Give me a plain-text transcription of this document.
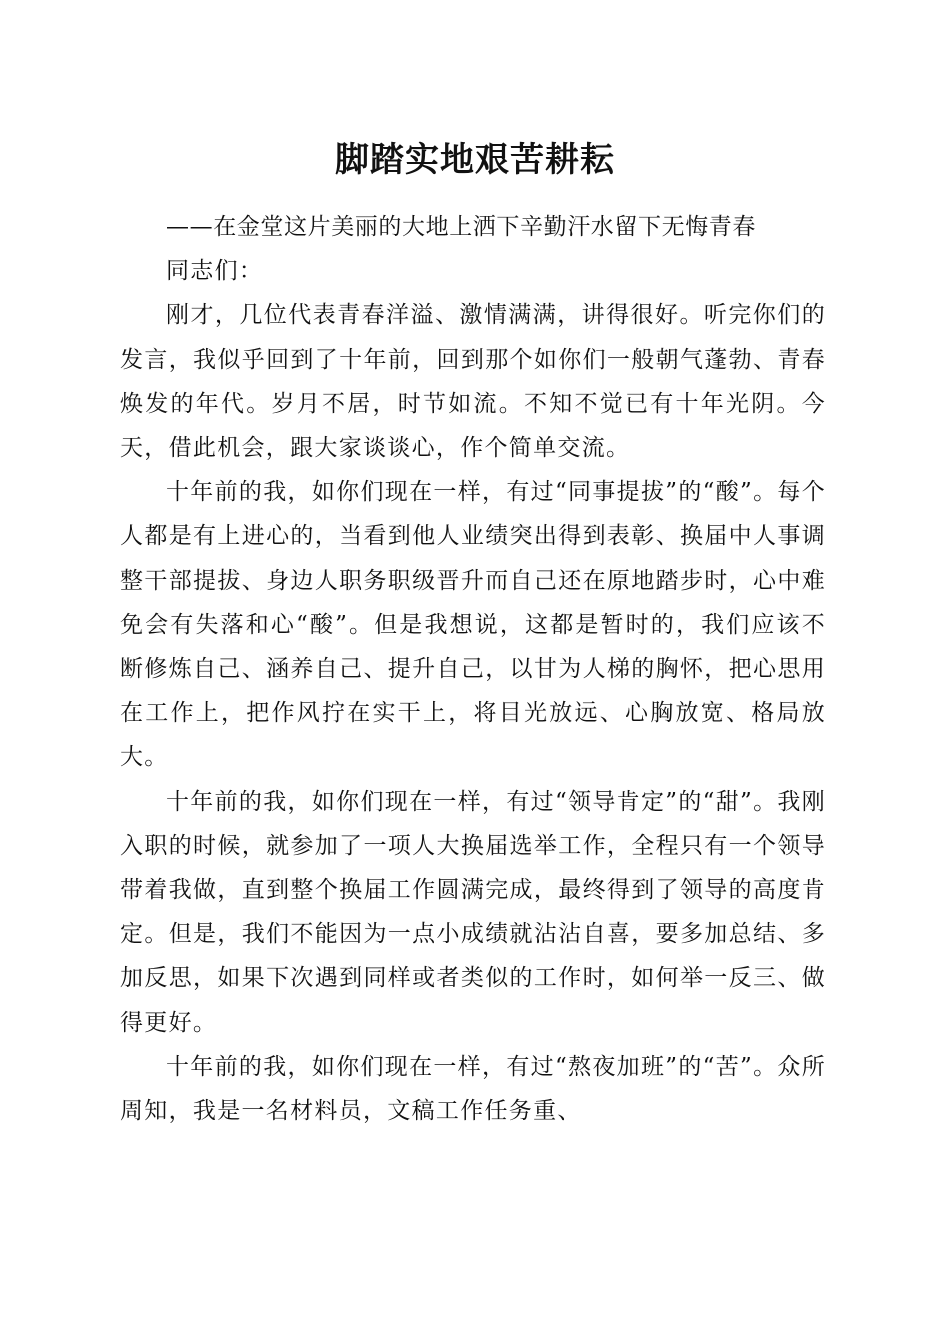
脚踏实地艰苦耕耘

——在金堂这片美丽的大地上洒下辛勤汗水留下无悔青春

同志们：

刚才，几位代表青春洋溢、激情满满，讲得很好。听完你们的发言，我似乎回到了十年前，回到那个如你们一般朝气蓬勃、青春焕发的年代。岁月不居，时节如流。不知不觉已有十年光阴。今天，借此机会，跟大家谈谈心，作个简单交流。

十年前的我，如你们现在一样，有过“同事提拔”的“酸”。每个人都是有上进心的，当看到他人业绩突出得到表彰、换届中人事调整干部提拔、身边人职务职级晋升而自己还在原地踏步时，心中难免会有失落和心“酸”。但是我想说，这都是暂时的，我们应该不断修炼自己、涵养自己、提升自己，以甘为人梯的胸怀，把心思用在工作上，把作风拧在实干上，将目光放远、心胸放宽、格局放大。

十年前的我，如你们现在一样，有过“领导肯定”的“甜”。我刚入职的时候，就参加了一项人大换届选举工作，全程只有一个领导带着我做，直到整个换届工作圆满完成，最终得到了领导的高度肯定。但是，我们不能因为一点小成绩就沾沾自喜，要多加总结、多加反思，如果下次遇到同样或者类似的工作时，如何举一反三、做得更好。

十年前的我，如你们现在一样，有过“熬夜加班”的“苦”。众所周知，我是一名材料员，文稿工作任务重、
